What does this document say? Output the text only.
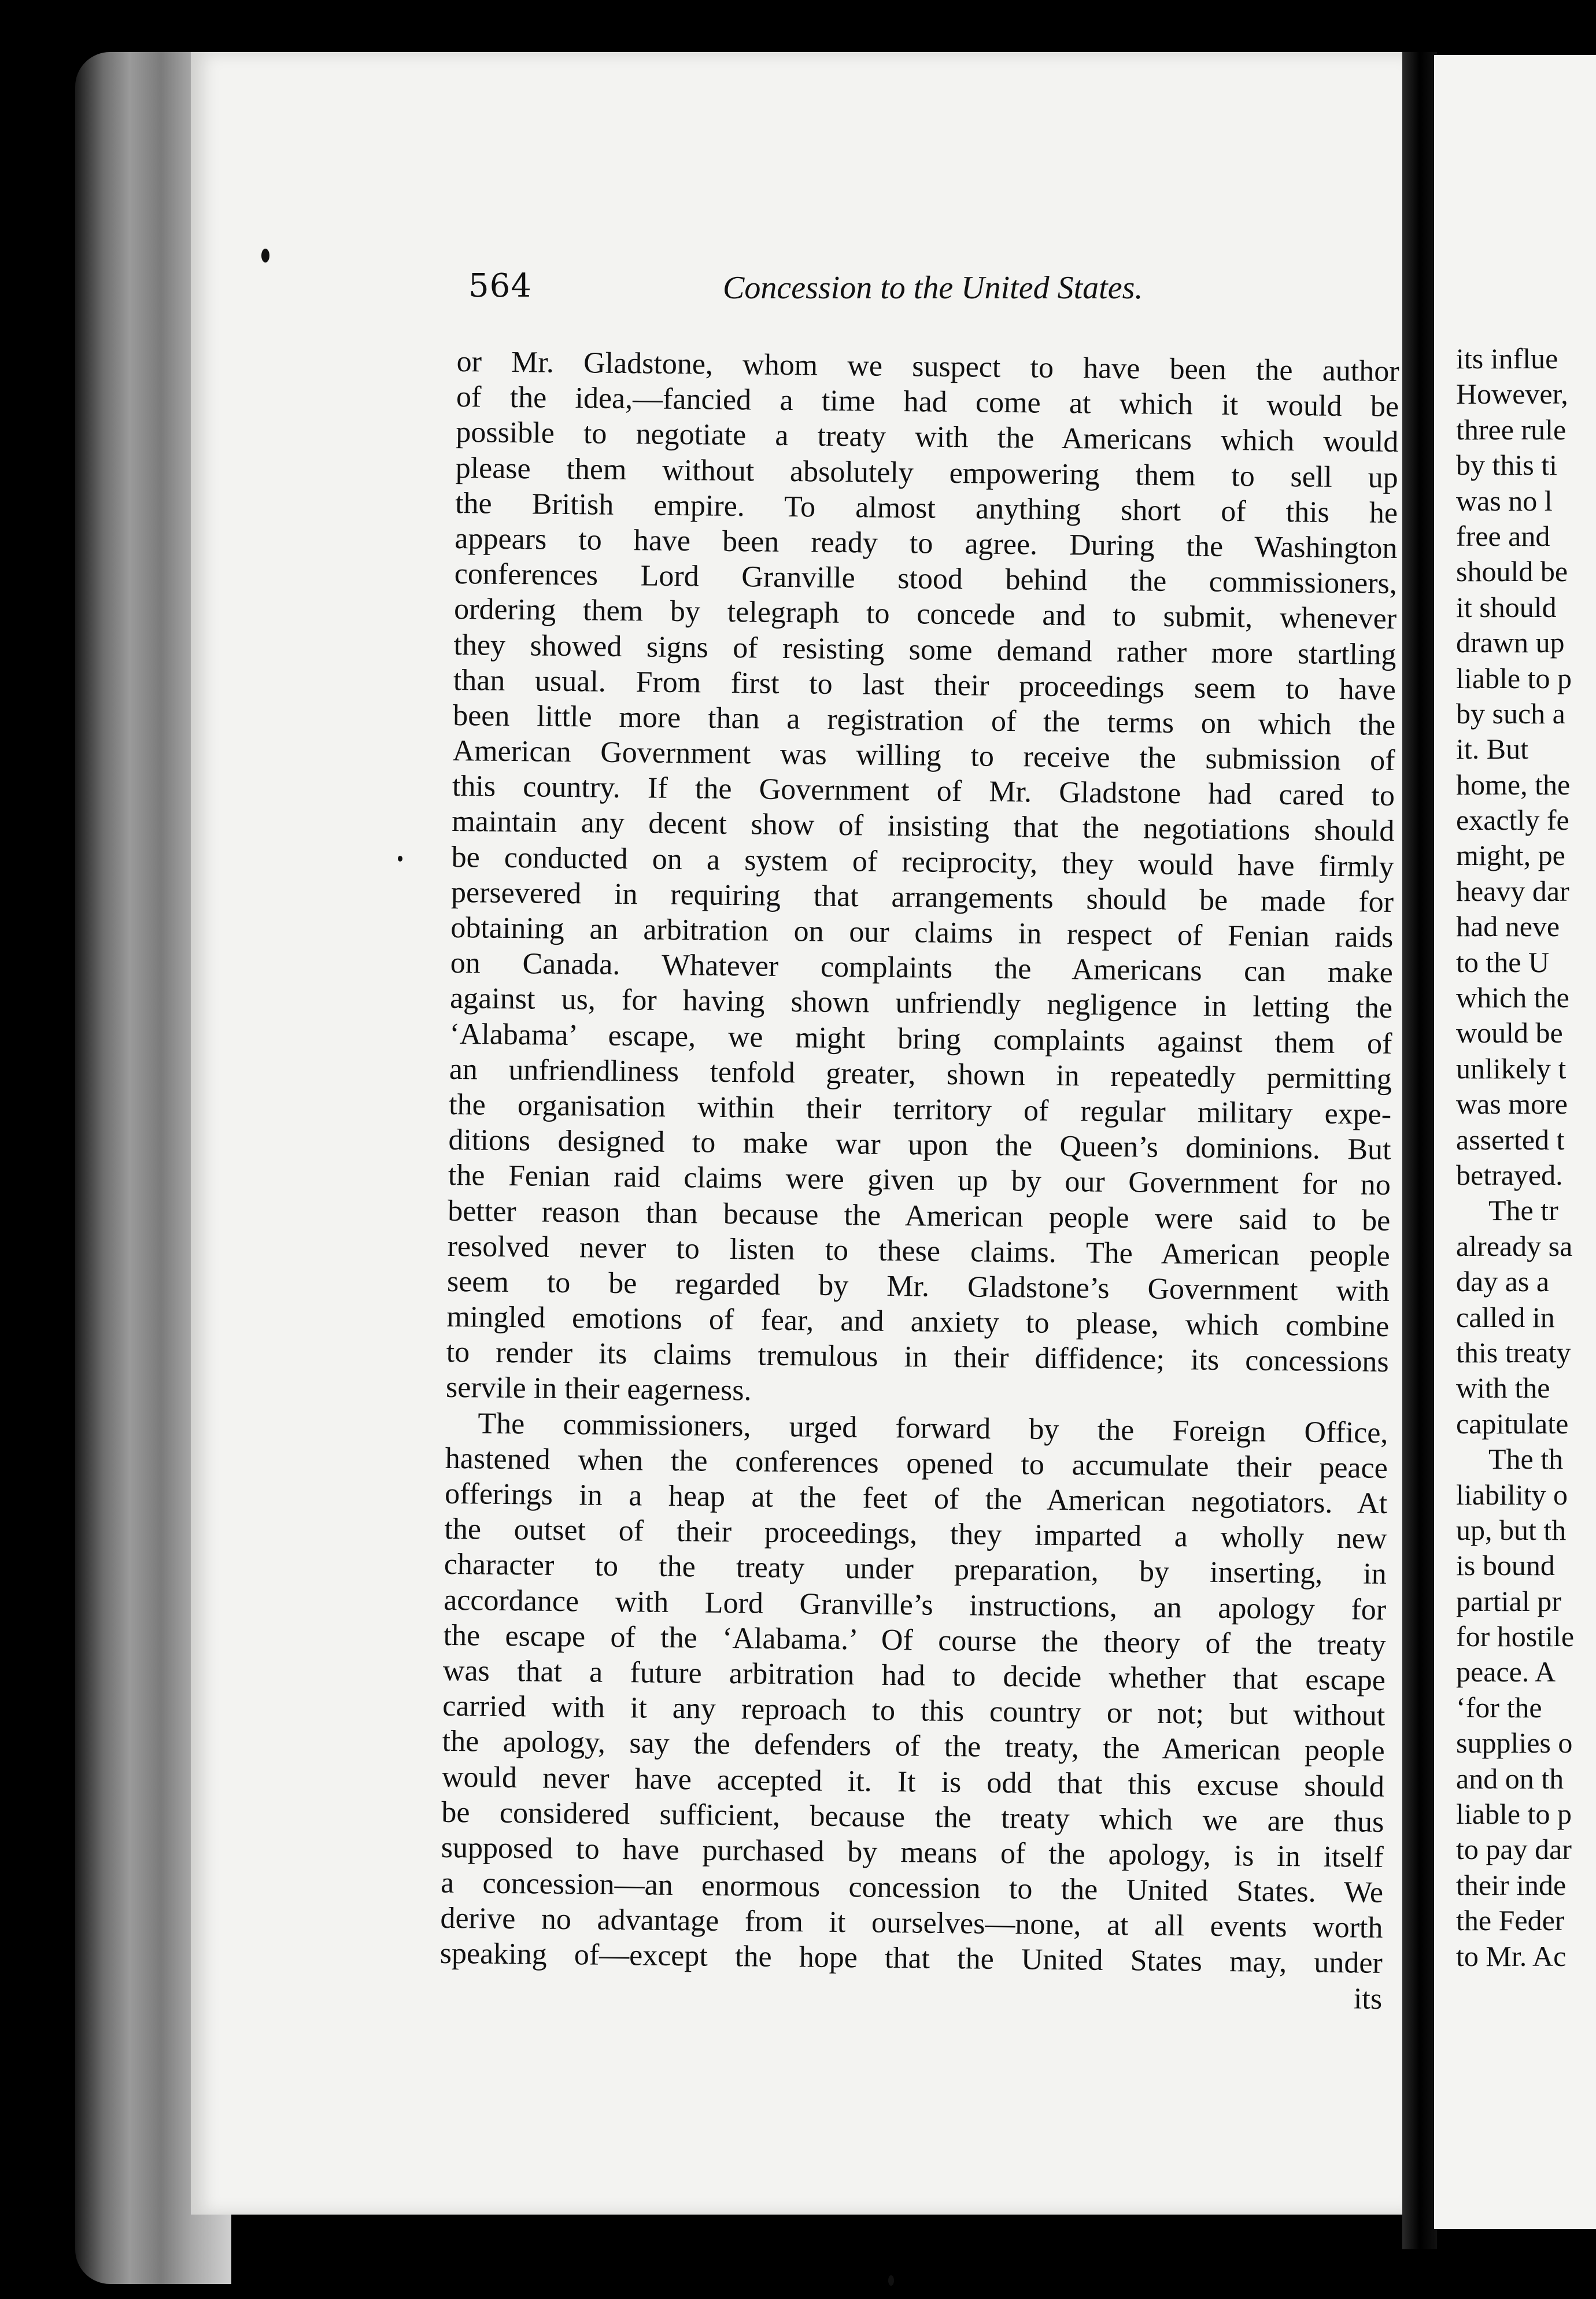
564	Concession to the United States.
or Mr. Gladstone, whom we suspect to have been the author
of the idea,—fancied a time had come at which it would be
possible to negotiate a treaty with the Americans which would
please them without absolutely empowering them to sell up
the British empire. To almost anything short of this he
appears to have been ready to agree. During the Washington
conferences Lord Granville stood behind the commissioners,
ordering them by telegraph to concede and to submit, whenever
they showed signs of resisting some demand rather more startling
than usual. From first to last their proceedings seem to have
been little more than a registration of the terms on which the
American Government was willing to receive the submission of
this country. If the Government of Mr. Gladstone had cared to
maintain any decent show of insisting that the negotiations should
be conducted on a system of reciprocity, they would have firmly
persevered in requiring that arrangements should be made for
obtaining an arbitration on our claims in respect of Fenian raids
on Canada. Whatever complaints the Americans can make
against us, for having shown unfriendly negligence in letting the
‘Alabama’ escape, we might bring complaints against them of
an unfriendliness tenfold greater, shown in repeatedly permitting
the organisation within their territory of regular military expe-
ditions designed to make war upon the Queen’s dominions. But
the Fenian raid claims were given up by our Government for no
better reason than because the American people were said to be
resolved never to listen to these claims. The American people
seem to be regarded by Mr. Gladstone’s Government with
mingled emotions of fear, and anxiety to please, which combine
to render its claims tremulous in their diffidence; its concessions
servile in their eagerness.
The commissioners, urged forward by the Foreign Office,
hastened when the conferences opened to accumulate their peace
offerings in a heap at the feet of the American negotiators. At
the outset of their proceedings, they imparted a wholly new
character to the treaty under preparation, by inserting, in
accordance with Lord Granville’s instructions, an apology for
the escape of the ‘Alabama.’ Of course the theory of the treaty
was that a future arbitration had to decide whether that escape
carried with it any reproach to this country or not; but without
the apology, say the defenders of the treaty, the American people
would never have accepted it. It is odd that this excuse should
be considered sufficient, because the treaty which we are thus
supposed to have purchased by means of the apology, is in itself
a concession—an enormous concession to the United States. We
derive no advantage from it ourselves—none, at all events worth
speaking of—except the hope that the United States may, under
its
its influe
However,
three rule
by this ti
was no l
free and
should be
it should
drawn up
liable to p
by such a
it. But
home, the
exactly fe
might, pe
heavy dar
had neve
to the U
which the
would be
unlikely t
was more
asserted t
betrayed.
The tr
already sa
day as a
called in
this treaty
with the
capitulate
The th
liability o
up, but th
is bound
partial pr
for hostile
peace. A
‘for the
supplies o
and on th
liable to p
to pay dar
their inde
the Feder
to Mr. Ac
